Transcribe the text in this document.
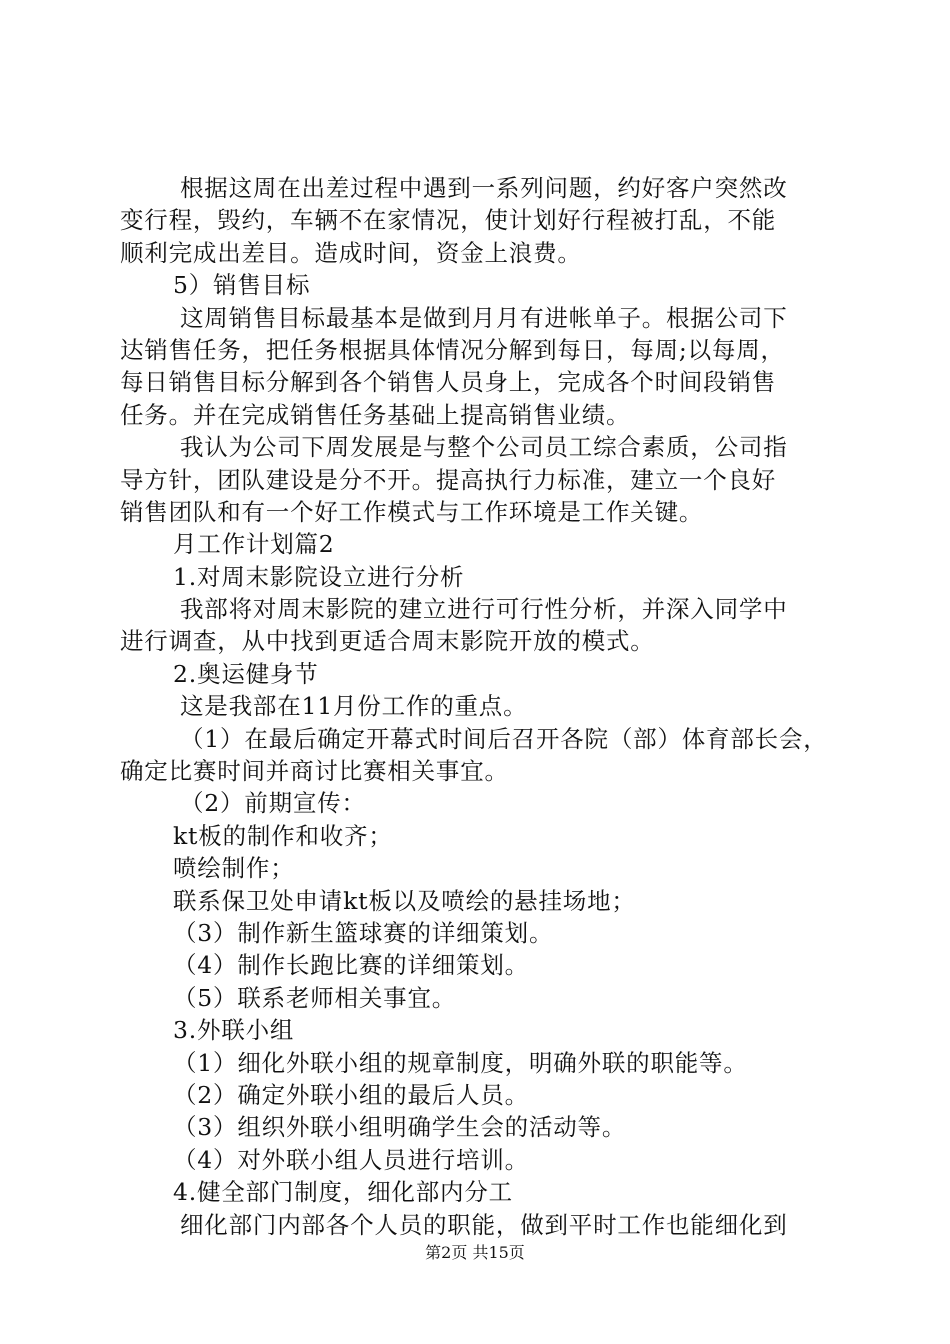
根据这周在出差过程中遇到一系列问题，约好客户突然改
变行程，毁约，车辆不在家情况，使计划好行程被打乱，不能
顺利完成出差目。造成时间，资金上浪费。
5）销售目标
这周销售目标最基本是做到月月有进帐单子。根据公司下
达销售任务，把任务根据具体情况分解到每日，每周;以每周，
每日销售目标分解到各个销售人员身上，完成各个时间段销售
任务。并在完成销售任务基础上提高销售业绩。
我认为公司下周发展是与整个公司员工综合素质，公司指
导方针，团队建设是分不开。提高执行力标准，建立一个良好
销售团队和有一个好工作模式与工作环境是工作关键。
月工作计划篇2
1.对周末影院设立进行分析
我部将对周末影院的建立进行可行性分析，并深入同学中
进行调查，从中找到更适合周末影院开放的模式。
2.奥运健身节
这是我部在11月份工作的重点。
（1）在最后确定开幕式时间后召开各院（部）体育部长会，
确定比赛时间并商讨比赛相关事宜。
（2）前期宣传：
kt板的制作和收齐；
喷绘制作；
联系保卫处申请kt板以及喷绘的悬挂场地；
（3）制作新生篮球赛的详细策划。
（4）制作长跑比赛的详细策划。
（5）联系老师相关事宜。
3.外联小组
（1）细化外联小组的规章制度，明确外联的职能等。
（2）确定外联小组的最后人员。
（3）组织外联小组明确学生会的活动等。
（4）对外联小组人员进行培训。
4.健全部门制度，细化部内分工
细化部门内部各个人员的职能，做到平时工作也能细化到
第2页 共15页
